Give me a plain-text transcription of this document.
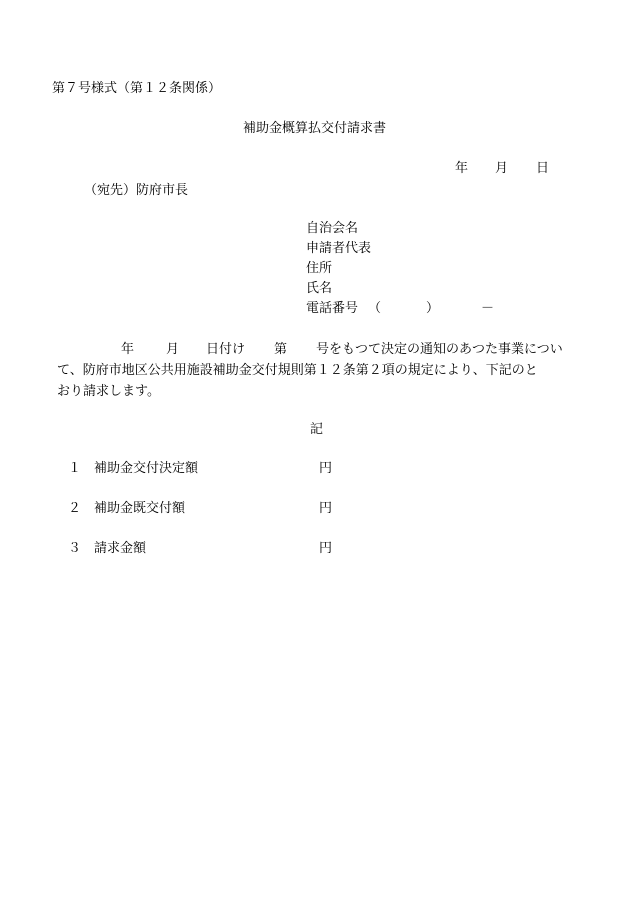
第７号様式（第１２条関係）

補助金概算払交付請求書

年 月 日

（宛先）防府市長

自治会名
申請者代表
住所
氏名
電話番号 （	）	－
年 月 日付け 第 号をもつて決定の通知のあつた事業につい
て、防府市地区公共用施設補助金交付規則第１２条第２項の規定により、下記のと
おり請求します。

記

１ 補助金交付決定額	円
２ 補助金既交付額	円
３ 請求金額	円
